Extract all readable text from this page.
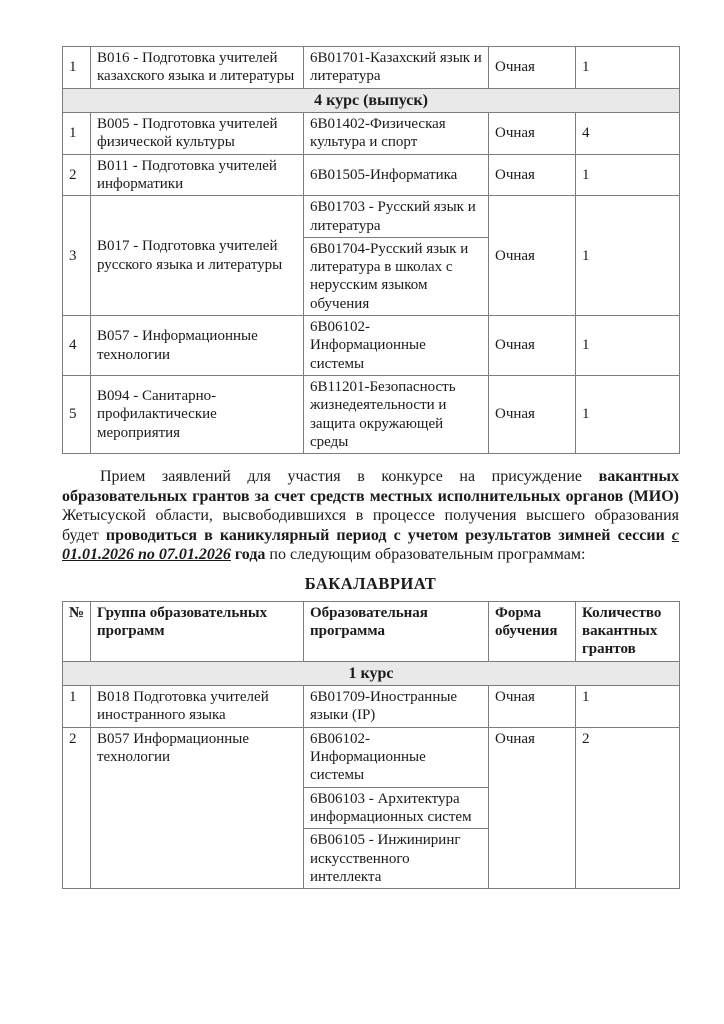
1	B016 - Подготовка учителей казахского языка и литературы	6B01701-Казахский язык и литература	Очная	1
4 курс (выпуск)				
1	B005 - Подготовка учителей физической культуры	6B01402-Физическая культура и спорт	Очная	4
2	B011 - Подготовка учителей информатики	6B01505-Информатика	Очная	1
3	B017 - Подготовка учителей русского языка и литературы	6B01703 - Русский язык и литература	Очная	1
		6B01704-Русский язык и литература в школах с нерусским языком обучения		
4	B057 - Информационные технологии	6B06102-Информационные системы	Очная	1
5	B094 - Санитарно-профилактические мероприятия	6B11201-Безопасность жизнедеятельности и защита окружающей среды	Очная	1

Прием заявлений для участия в конкурсе на присуждение вакантных образовательных грантов за счет средств местных исполнительных органов (МИО) Жетысуской области, высвободившихся в процессе получения высшего образования будет проводиться в каникулярный период с учетом результатов зимней сессии с 01.01.2026 по 07.01.2026 года по следующим образовательным программам:

БАКАЛАВРИАТ
№	Группа образовательных программ	Образовательная программа	Форма обучения	Количество вакантных грантов
1 курс				
1	B018 Подготовка учителей иностранного языка	6B01709-Иностранные языки (IP)	Очная	1
2	B057 Информационные технологии	6B06102-Информационные системы	Очная	2
		6B06103 - Архитектура информационных систем		
		6B06105 - Инжиниринг искусственного интеллекта		
